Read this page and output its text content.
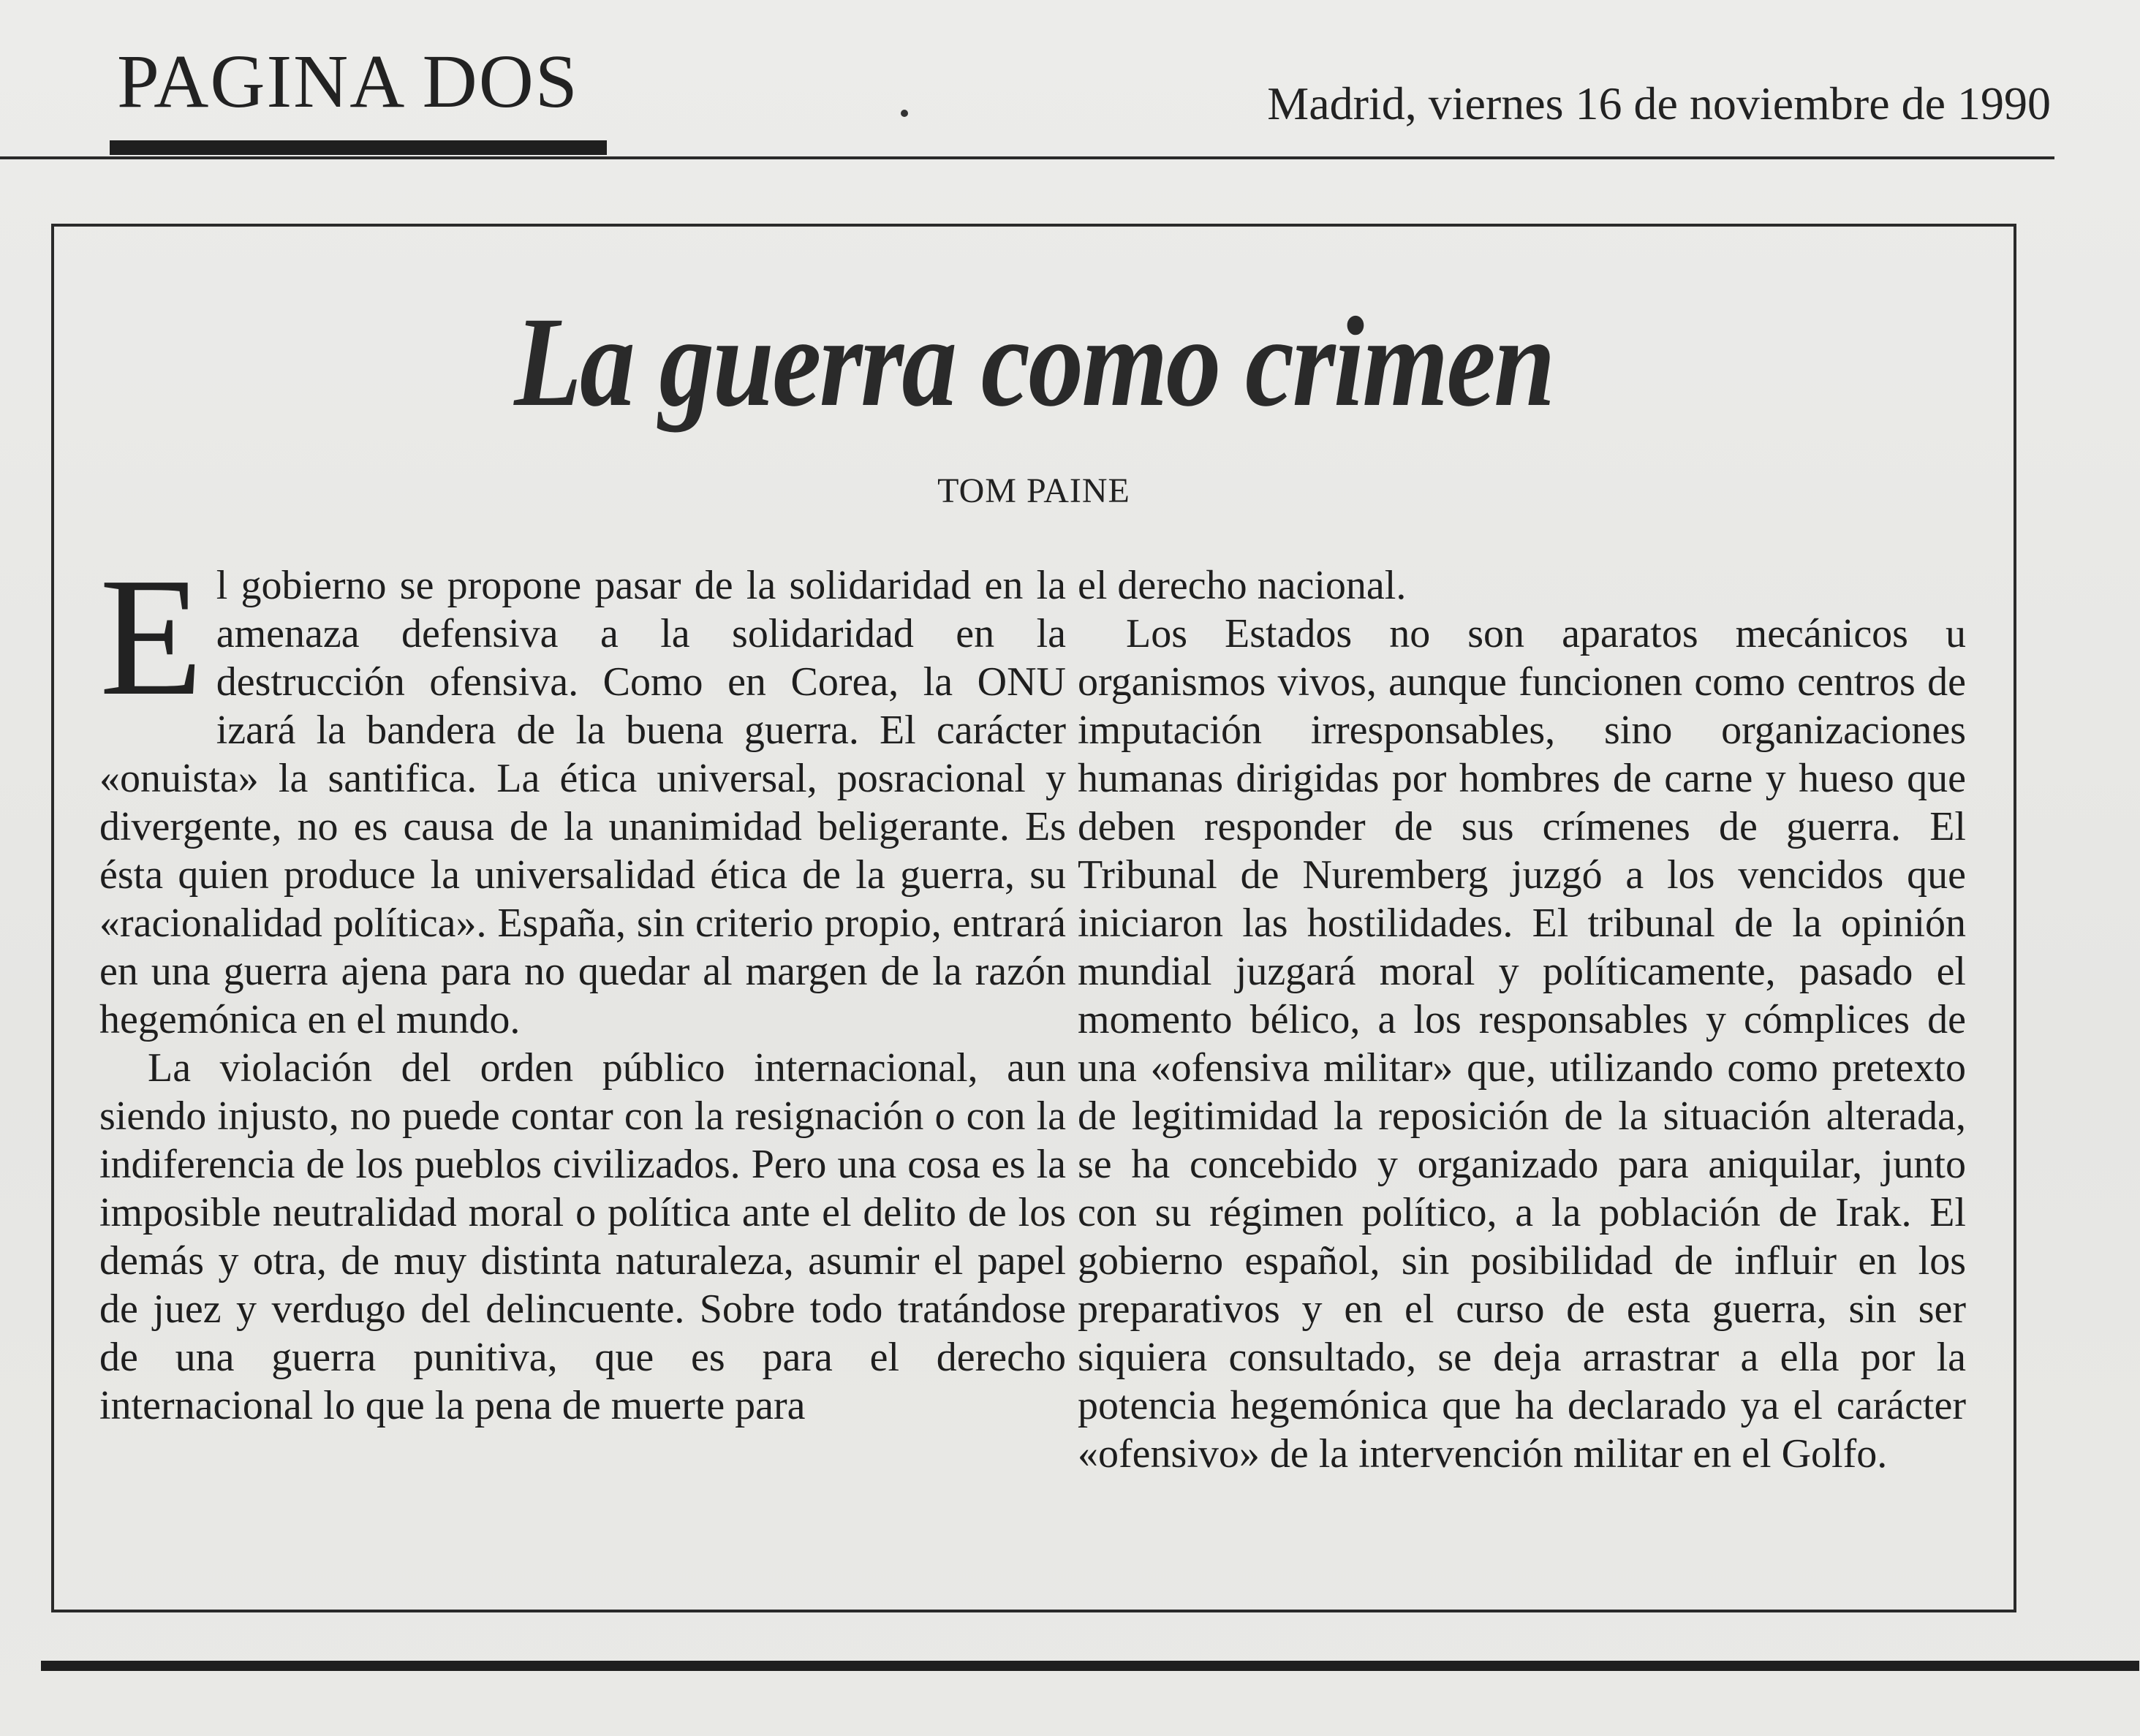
PAGINA DOS	Madrid, viernes 16 de noviembre de 1990
La guerra como crimen
TOM PAINE

El gobierno se propone pasar de la solidaridad en la amenaza defensiva a la solidaridad en la destrucción ofensiva. Como en Corea, la ONU izará la bandera de la buena guerra. El carácter «onuista» la santifica. La ética universal, posracional y divergente, no es causa de la unanimidad beligerante. Es ésta quien produce la universalidad ética de la guerra, su «racionalidad política». España, sin criterio propio, entrará en una guerra ajena para no quedar al margen de la razón hegemónica en el mundo.

La violación del orden público internacional, aun siendo injusto, no puede contar con la resignación o con la indiferencia de los pueblos civilizados. Pero una cosa es la imposible neutralidad moral o política ante el delito de los demás y otra, de muy distinta naturaleza, asumir el papel de juez y verdugo del delincuente. Sobre todo tratándose de una guerra punitiva, que es para el derecho internacional lo que la pena de muerte para

el derecho nacional.

Los Estados no son aparatos mecánicos u organismos vivos, aunque funcionen como centros de imputación irresponsables, sino organizaciones humanas dirigidas por hombres de carne y hueso que deben responder de sus crímenes de guerra. El Tribunal de Nuremberg juzgó a los vencidos que iniciaron las hostilidades. El tribunal de la opinión mundial juzgará moral y políticamente, pasado el momento bélico, a los responsables y cómplices de una «ofensiva militar» que, utilizando como pretexto de legitimidad la reposición de la situación alterada, se ha concebido y organizado para aniquilar, junto con su régimen político, a la población de Irak. El gobierno español, sin posibilidad de influir en los preparativos y en el curso de esta guerra, sin ser siquiera consultado, se deja arrastrar a ella por la potencia hegemónica que ha declarado ya el carácter «ofensivo» de la intervención militar en el Golfo.
